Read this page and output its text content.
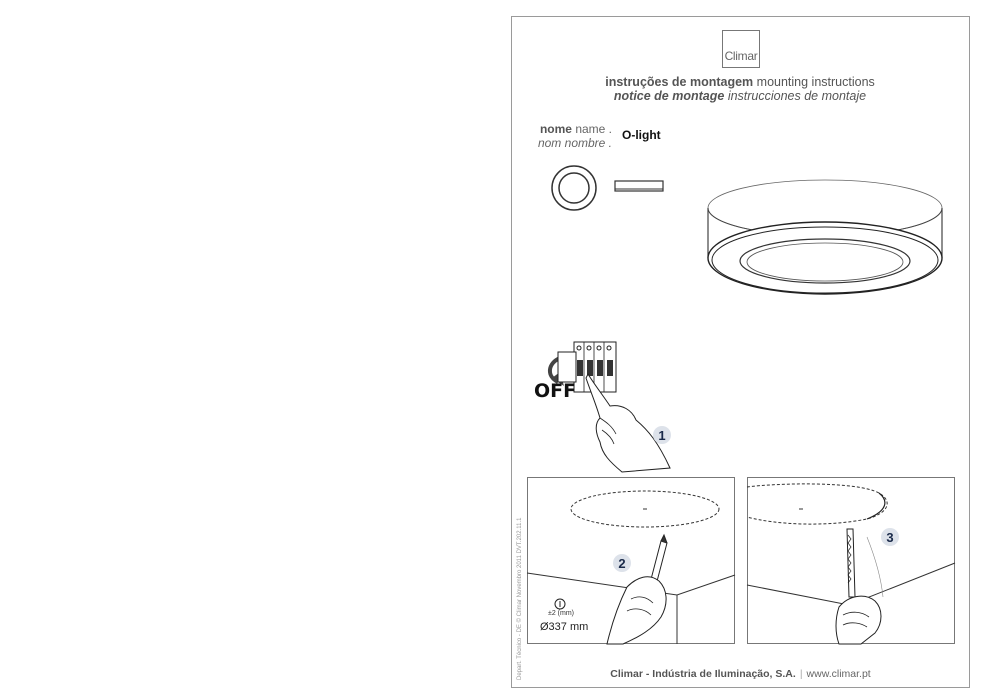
Climar
instruções de montagem mounting instructions
notice de montage instrucciones de montaje
nome name .
nom nombre .
O-light
OFF
1
2
±2 (mm)
Ø337 mm
3
Depart. Técnico - DE © Climar Novembro 2011 DVT.202.11.1	Climar - Indústria de Iluminação, S.A. | www.climar.pt
